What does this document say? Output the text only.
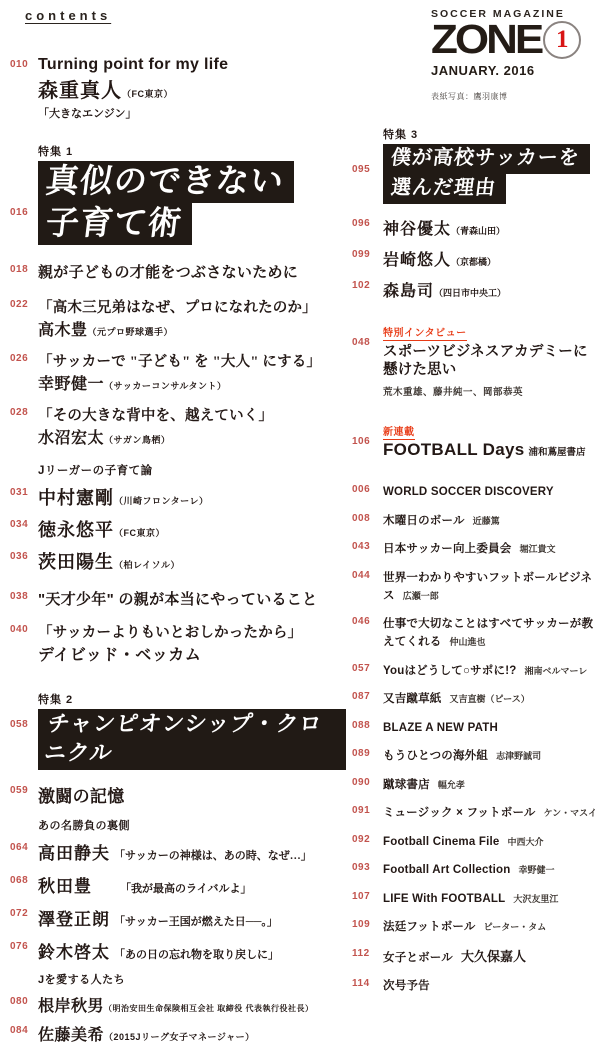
SOCCER MAGAZINE
ZONE 1
JANUARY. 2016
表紙写真：鷹羽康博
contents
010 Turning point for my life
森重真人（FC東京）
「大きなエンジン」
特集 1
016
真似のできない
子育て術
018 親が子どもの才能をつぶさないために
022 「高木三兄弟はなぜ、プロになれたのか」
高木豊（元プロ野球選手）
026 「サッカーで "子ども" を "大人" にする」
幸野健一（サッカーコンサルタント）
028 「その大きな背中を、越えていく」
水沼宏太（サガン鳥栖）
Jリーガーの子育て論
031 中村憲剛（川崎フロンターレ）
034 徳永悠平（FC東京）
036 茨田陽生（柏レイソル）
038 "天才少年" の親が本当にやっていること
040 「サッカーよりもいとおしかったから」
デイビッド・ベッカム
特集 2
058 チャンピオンシップ・クロニクル
059 激闘の記憶
あの名勝負の裏側
064 高田静夫 「サッカーの神様は、あの時、なぜ…」
068 秋田豊	「我が最高のライバルよ」
072 澤登正朗 「サッカー王国が燃えた日──。」
076 鈴木啓太 「あの日の忘れ物を取り戻しに」
Jを愛する人たち
080 根岸秋男（明治安田生命保険相互会社 取締役 代表執行役社長）
084 佐藤美希（2015Jリーグ女子マネージャー）
特集 3
095
僕が高校サッカーを
選んだ理由
096 神谷優太（青森山田）
099 岩崎悠人（京都橘）
102 森島司（四日市中央工）
048
特別インタビュー
スポーツビジネスアカデミーに
懸けた思い
荒木重雄、藤井純一、岡部恭英
106
新連載
FOOTBALL Days 浦和蔦屋書店
006	WORLD SOCCER DISCOVERY
008	木曜日のボール 近藤篤
043	日本サッカー向上委員会 堀江貴文
044	世界一わかりやすいフットボールビジネス 広瀬一郎
046	仕事で大切なことはすべてサッカーが教えてくれる 仲山進也
057	Youはどうして○サポに!? 湘南ベルマーレ
087	又吉蹴草紙 又吉直樹（ピース）
088	BLAZE A NEW PATH
089	もうひとつの海外組 志津野誠司
090	蹴球書店 幅允孝
091	ミュージック × フットボール ケン・マスイ
092	Football Cinema File 中西大介
093	Football Art Collection 幸野健一
107	LIFE With FOOTBALL 大沢友里江
109	法廷フットボール ピーター・タム
112	女子とボール 大久保嘉人
114	次号予告
